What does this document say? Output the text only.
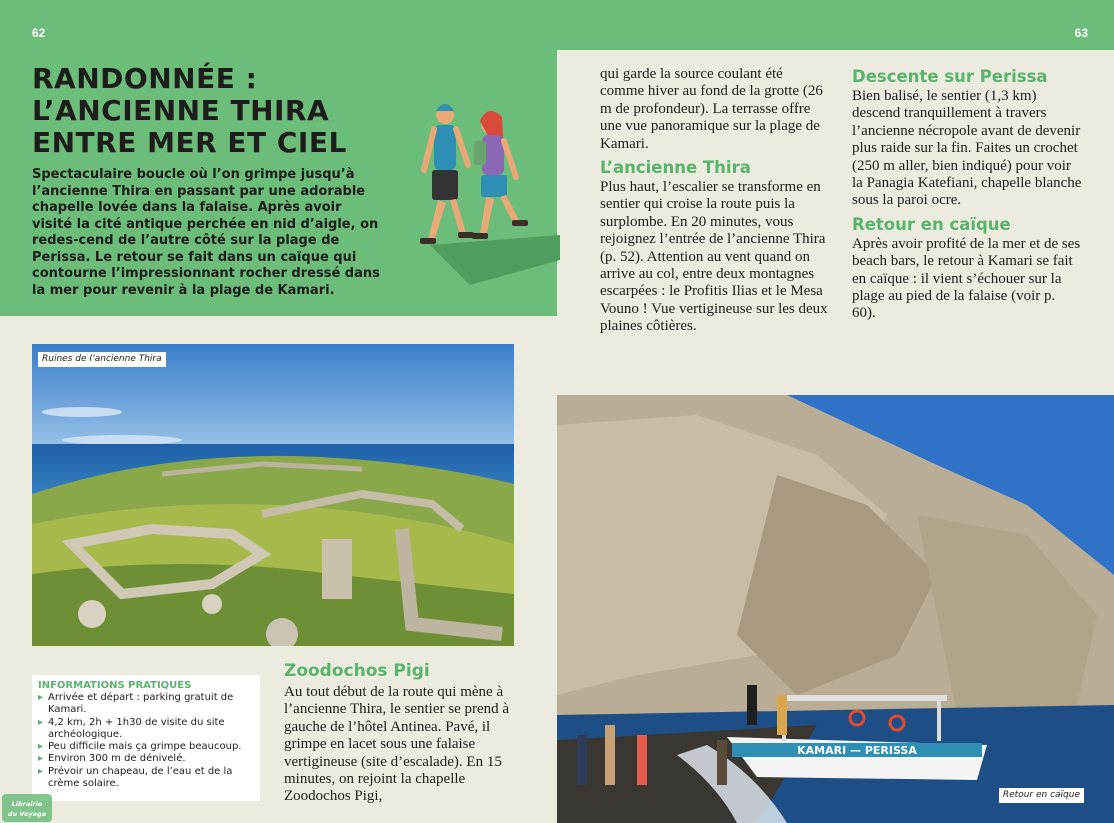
62	63
RANDONNÉE :
L’ANCIENNE THIRA
ENTRE MER ET CIEL
Spectaculaire boucle où l’on grimpe jusqu’à l’ancienne Thira en passant par une adorable chapelle lovée dans la falaise. Après avoir visité la cité antique perchée en nid d’aigle, on redes-cend de l’autre côté sur la plage de Perissa. Le retour se fait dans un caïque qui contourne l’impressionnant rocher dressé dans la mer pour revenir à la plage de Kamari.

qui garde la source coulant été comme hiver au fond de la grotte (26 m de profondeur). La terrasse offre une vue panoramique sur la plage de Kamari.

L’ancienne Thira

Plus haut, l’escalier se transforme en sentier qui croise la route puis la surplombe. En 20 minutes, vous rejoignez l’entrée de l’ancienne Thira (p. 52). Attention au vent quand on arrive au col, entre deux montagnes escarpées : le Profitis Ilias et le Mesa Vouno ! Vue vertigineuse sur les deux plaines côtières.

Descente sur Perissa

Bien balisé, le sentier (1,3 km) descend tranquillement à travers l’ancienne nécropole avant de devenir plus raide sur la fin. Faites un crochet (250 m aller, bien indiqué) pour voir la Panagia Katefiani, chapelle blanche sous la paroi ocre.

Retour en caïque

Après avoir profité de la mer et de ses beach bars, le retour à Kamari se fait en caïque : il vient s’échouer sur la plage au pied de la falaise (voir p. 60).

Ruines de l’ancienne Thira
KAMARI — PERISSA
Retour en caïque
INFORMATIONS PRATIQUES
▸ Arrivée et départ : parking gratuit de Kamari.
▸ 4,2 km, 2h + 1h30 de visite du site archéologique.
▸ Peu difficile mais ça grimpe beaucoup.
▸ Environ 300 m de dénivelé.
▸ Prévoir un chapeau, de l’eau et de la crème solaire.
Zoodochos Pigi

Au tout début de la route qui mène à l’ancienne Thira, le sentier se prend à gauche de l’hôtel Antinea. Pavé, il grimpe en lacet sous une falaise vertigineuse (site d’escalade). En 15 minutes, on rejoint la chapelle Zoodochos Pigi,

Librairie
du Voyage
